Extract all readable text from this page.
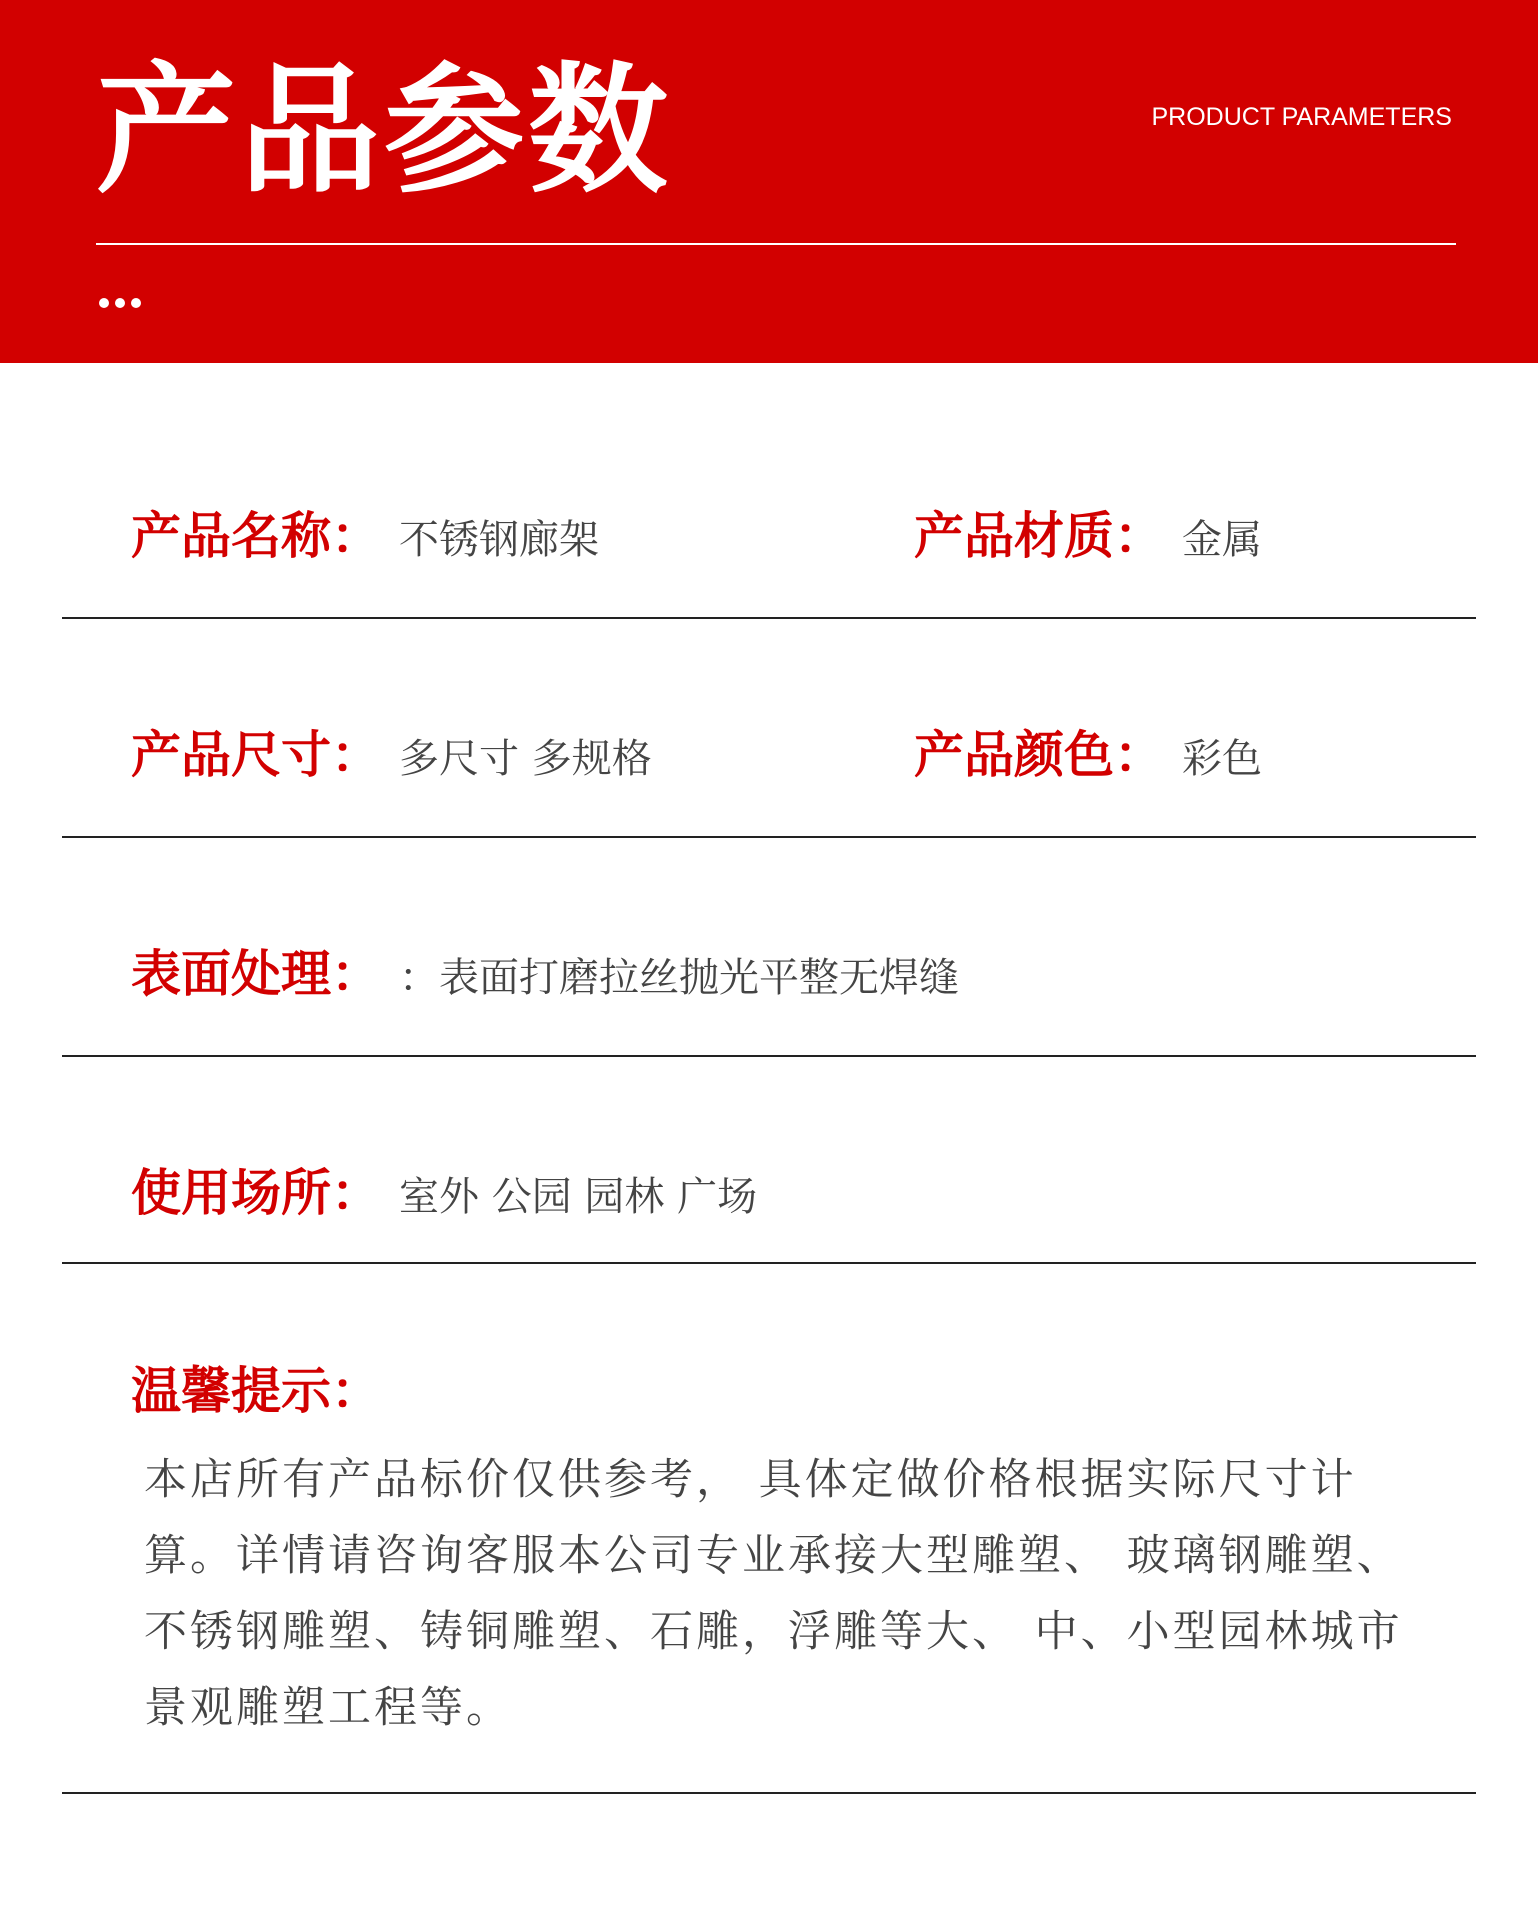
产品参数	PRODUCT PARAMETERS
产品名称： 不锈钢廊架	产品材质： 金属
产品尺寸： 多尺寸 多规格	产品颜色： 彩色
表面处理： ：表面打磨拉丝抛光平整无焊缝
使用场所： 室外 公园 园林 广场
温馨提示：
本店所有产品标价仅供参考， 具体定做价格根据实际尺寸计算。详情请咨询客服本公司专业承接大型雕塑、 玻璃钢雕塑、不锈钢雕塑、铸铜雕塑、石雕，浮雕等大、 中、小型园林城市景观雕塑工程等。
